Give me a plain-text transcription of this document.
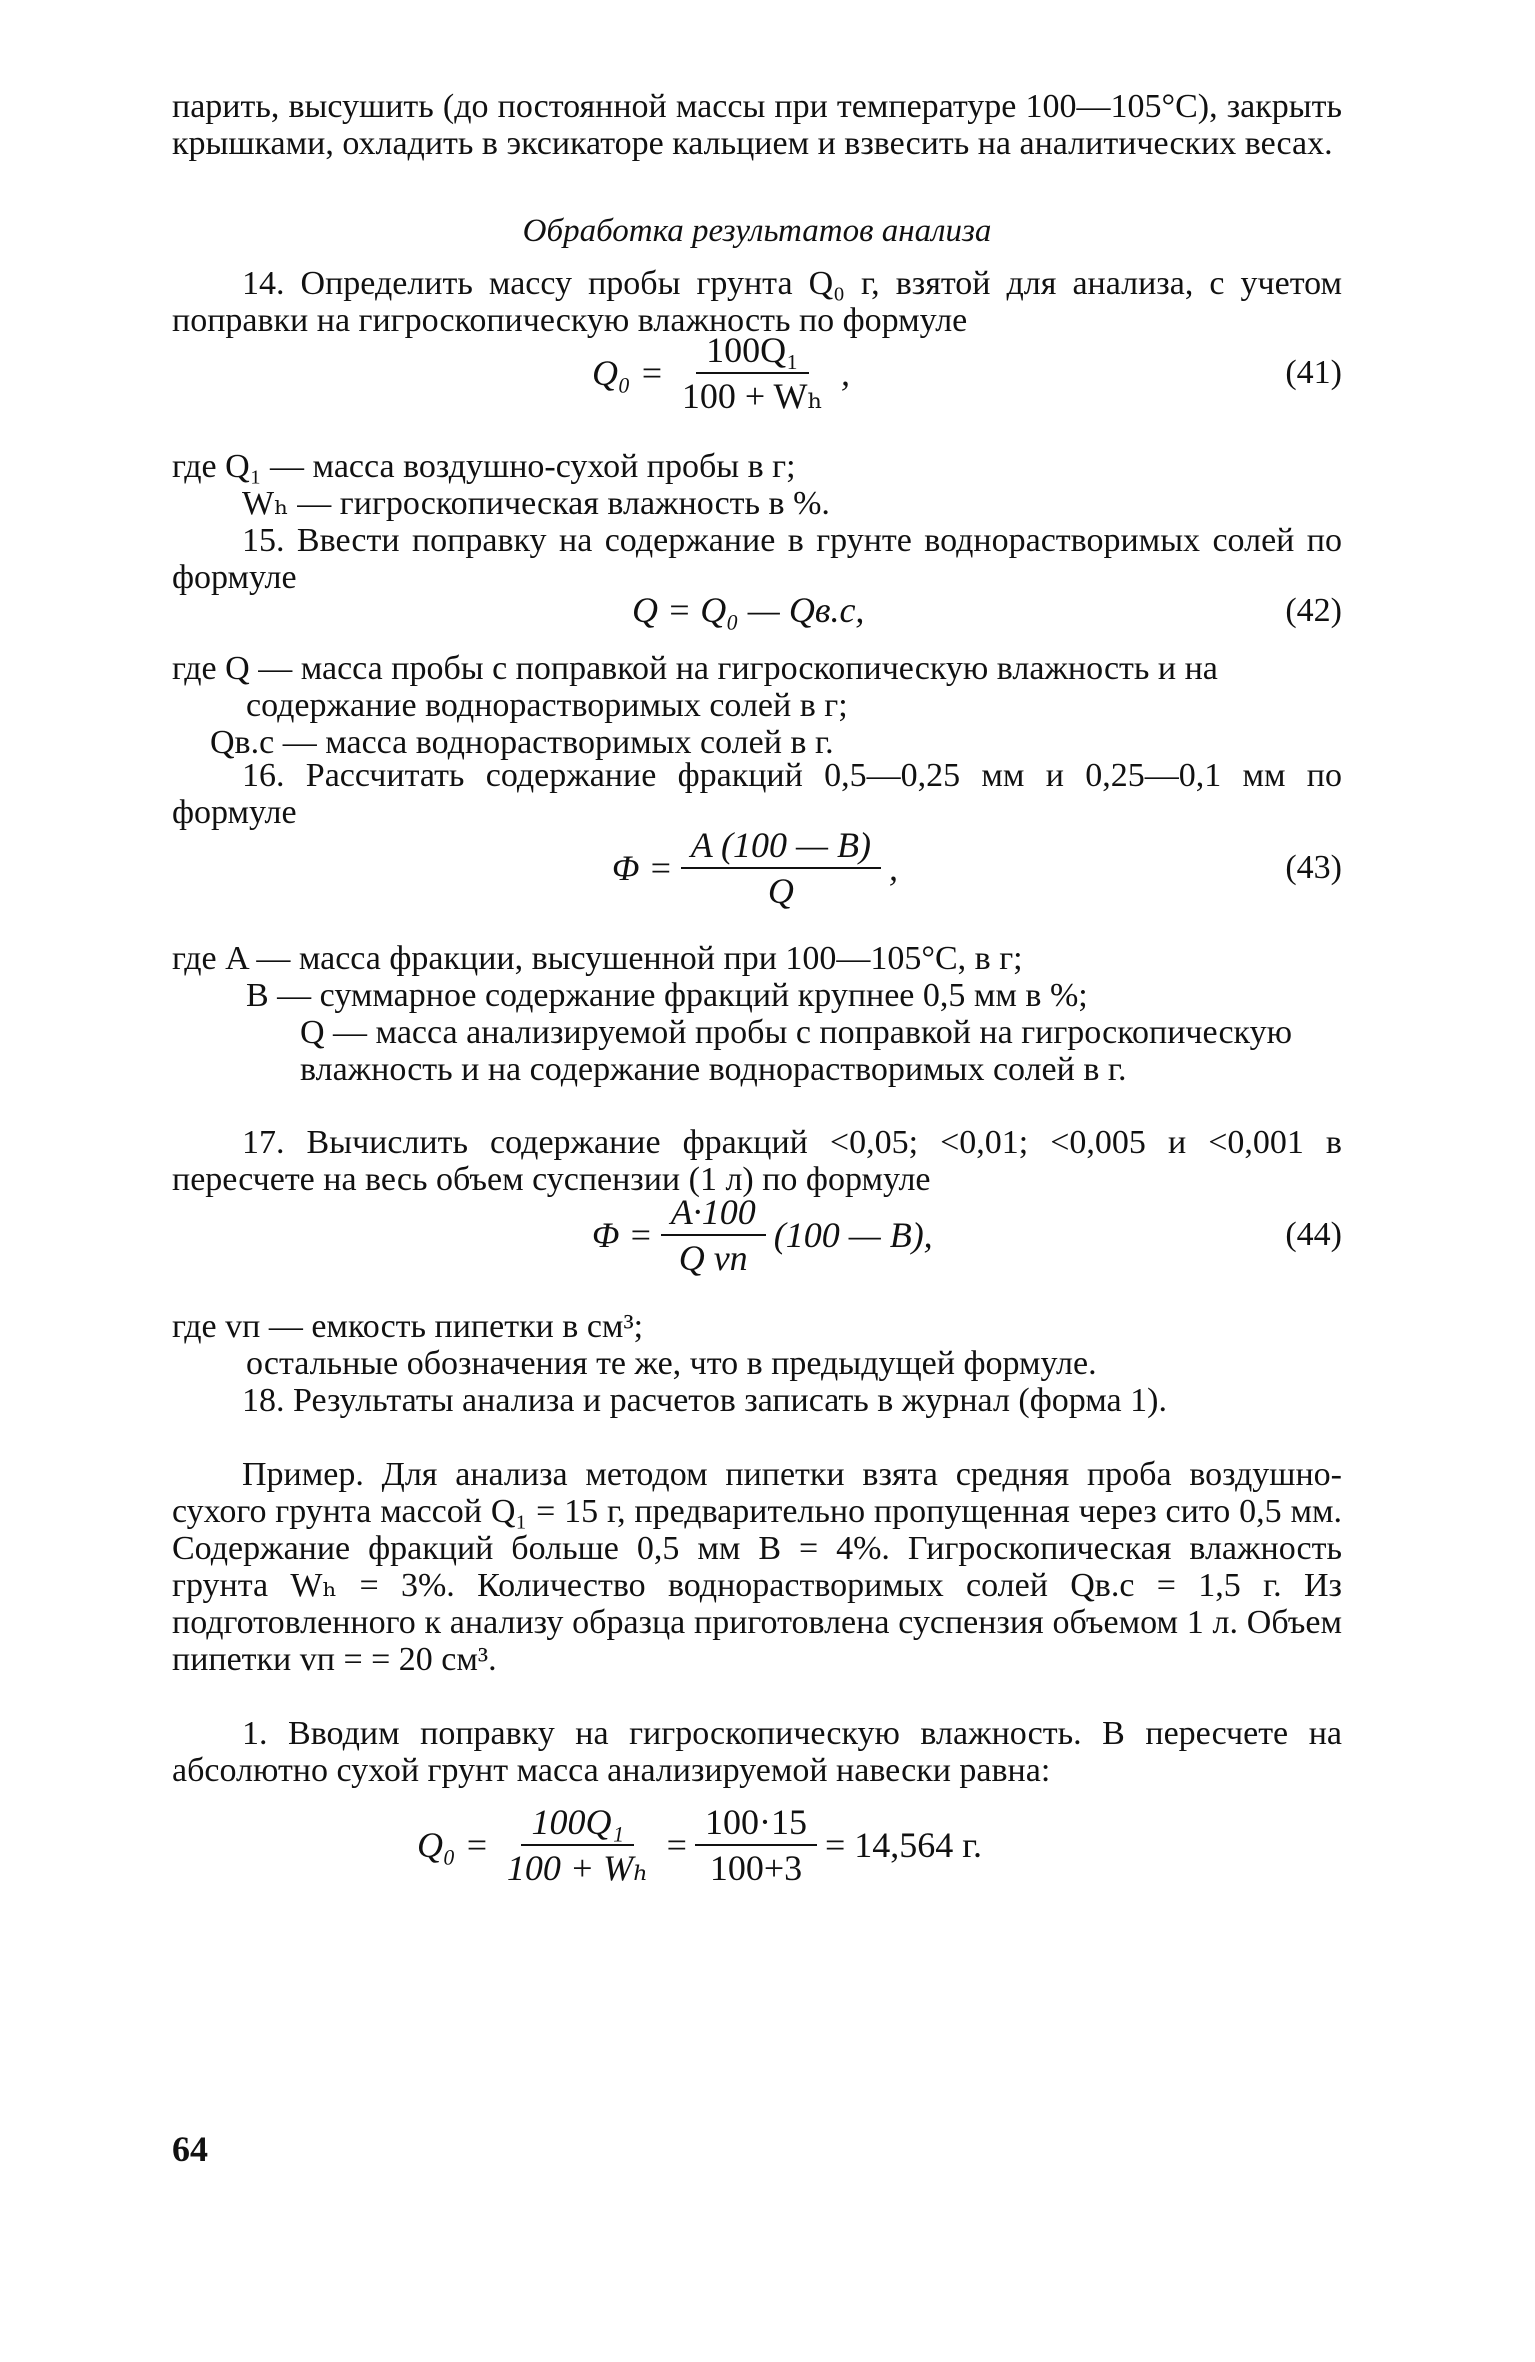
парить, высушить (до постоянной массы при температуре 100—105°С), закрыть крышками, охладить в эксикаторе кальцием и взвесить на аналитических весах.

Обработка результатов анализа

14. Определить массу пробы грунта Q₀ г, взятой для анализа, с учетом поправки на гигроскопическую влажность по формуле

$Q_0 = \frac{\text{100Q₁}}{\text{100 + Wₕ}}$ ,	(41)
где Q₁ — масса воздушно-сухой пробы в г;
Wₕ — гигроскопическая влажность в %.

15. Ввести поправку на содержание в грунте воднорастворимых солей по формуле

Q = Q₀ — Qв.с,	(42)
где Q — масса пробы с поправкой на гигроскопическую влажность и на содержание воднорастворимых солей в г;
Qв.с — масса воднорастворимых солей в г.

16. Рассчитать содержание фракций 0,5—0,25 мм и 0,25—0,1 мм по формуле

$\Phi = \frac{A (100 — B)}{Q}$ ,	(43)
где A — масса фракции, высушенной при 100—105°С, в г;
B — суммарное содержание фракций крупнее 0,5 мм в %;
Q — масса анализируемой пробы с поправкой на гигроскопическую влажность и на содержание воднорастворимых солей в г.

17. Вычислить содержание фракций <0,05; <0,01; <0,005 и <0,001 в пересчете на весь объем суспензии (1 л) по формуле

$\Phi = \frac{A\cdot 100}{\text{Q vп}} (100$ — B),	(44)
где vп — емкость пипетки в см³;
остальные обозначения те же, что в предыдущей формуле.

18. Результаты анализа и расчетов записать в журнал (форма 1).

Пример. Для анализа методом пипетки взята средняя проба воздушно-сухого грунта массой Q₁ = 15 г, предварительно пропущенная через сито 0,5 мм. Содержание фракций больше 0,5 мм B = 4%. Гигроскопическая влажность грунта Wₕ = 3%. Количество воднорастворимых солей Qв.с = 1,5 г. Из подготовленного к анализу образца приготовлена суспензия объемом 1 л. Объем пипетки vп = = 20 см³.

1. Вводим поправку на гигроскопическую влажность. В пересчете на абсолютно сухой грунт масса анализируемой навески равна:

$Q_0 = \frac{\text{100Q₁}}{\text{100 + Wₕ}} = \frac{100\cdot 15}{100+3} = 14,564$ г.
64
